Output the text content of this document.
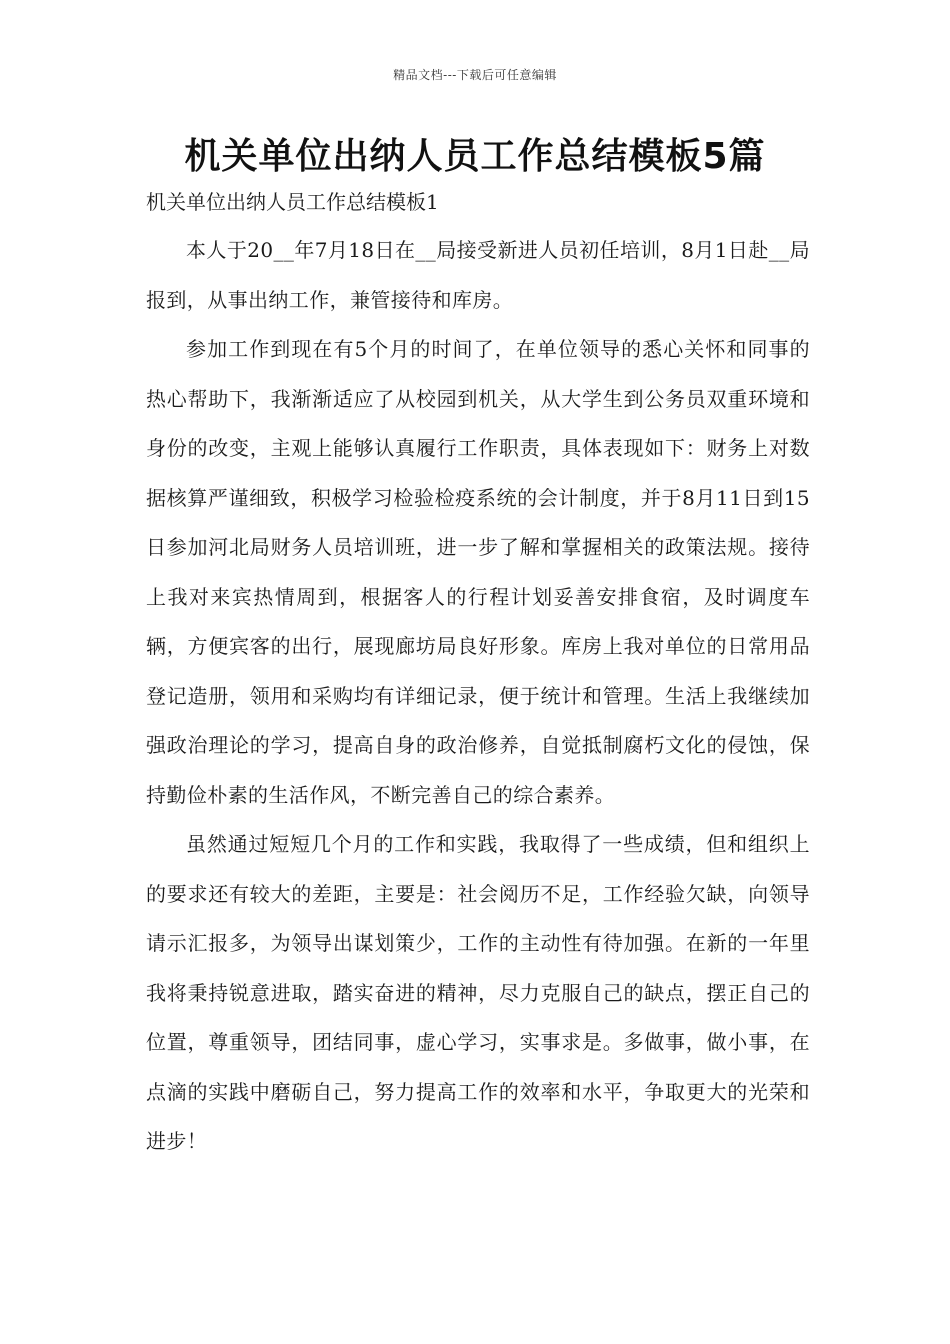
精品文档---下载后可任意编辑
机关单位出纳人员工作总结模板5篇
机关单位出纳人员工作总结模板1

本人于20__年7月18日在__局接受新进人员初任培训，8月1日赴__局报到，从事出纳工作，兼管接待和库房。

参加工作到现在有5个月的时间了，在单位领导的悉心关怀和同事的热心帮助下，我渐渐适应了从校园到机关，从大学生到公务员双重环境和身份的改变，主观上能够认真履行工作职责，具体表现如下：财务上对数据核算严谨细致，积极学习检验检疫系统的会计制度，并于8月11日到15日参加河北局财务人员培训班，进一步了解和掌握相关的政策法规。接待上我对来宾热情周到，根据客人的行程计划妥善安排食宿，及时调度车辆，方便宾客的出行，展现廊坊局良好形象。库房上我对单位的日常用品登记造册，领用和采购均有详细记录，便于统计和管理。生活上我继续加强政治理论的学习，提高自身的政治修养，自觉抵制腐朽文化的侵蚀，保持勤俭朴素的生活作风，不断完善自己的综合素养。

虽然通过短短几个月的工作和实践，我取得了一些成绩，但和组织上的要求还有较大的差距，主要是：社会阅历不足，工作经验欠缺，向领导请示汇报多，为领导出谋划策少，工作的主动性有待加强。在新的一年里我将秉持锐意进取，踏实奋进的精神，尽力克服自己的缺点，摆正自己的位置，尊重领导，团结同事，虚心学习，实事求是。多做事，做小事，在点滴的实践中磨砺自己，努力提高工作的效率和水平，争取更大的光荣和进步！
